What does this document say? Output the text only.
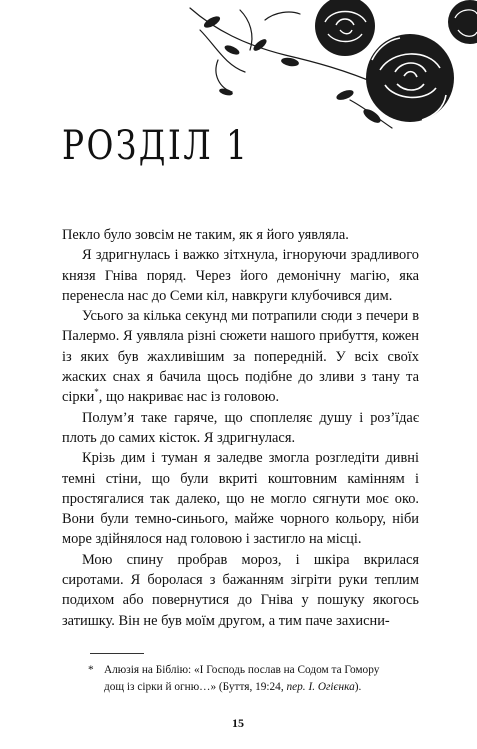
РОЗДІЛ 1

Пекло було зовсім не таким, як я його уявляла.

Я здригнулась і важко зітхнула, ігноруючи зрадливого князя Гніва поряд. Через його демонічну магію, яка перенесла нас до Семи кіл, навкруги клубочився дим.

Усього за кілька секунд ми потрапили сюди з печери в Палермо. Я уявляла різні сюжети нашого прибуття, кожен із яких був жахливішим за попередній. У всіх своїх жаских снах я бачила щось подібне до зливи з тану та сірки*, що накриває нас із головою.

Полум’я таке гаряче, що споплеляє душу і роз’їдає плоть до самих кісток. Я здригнулася.

Крізь дим і туман я заледве змогла розгледіти дивні темні стіни, що були вкриті коштовним камінням і простягалися так далеко, що не могло сягнути моє око. Вони були темно-синього, майже чорного кольору, ніби море здійнялося над головою і застигло на місці.

Мою спину пробрав мороз, і шкіра вкрилася сиротами. Я боролася з бажанням зігріти руки теплим подихом або повернутися до Гніва у пошуку якогось затишку. Він не був моїм другом, а тим паче захисни-

* Алюзія на Біблію: «І Господь послав на Содом та Гомору
дощ із сірки й огню…» (Буття, 19:24, пер. І. Огієнка).
15
